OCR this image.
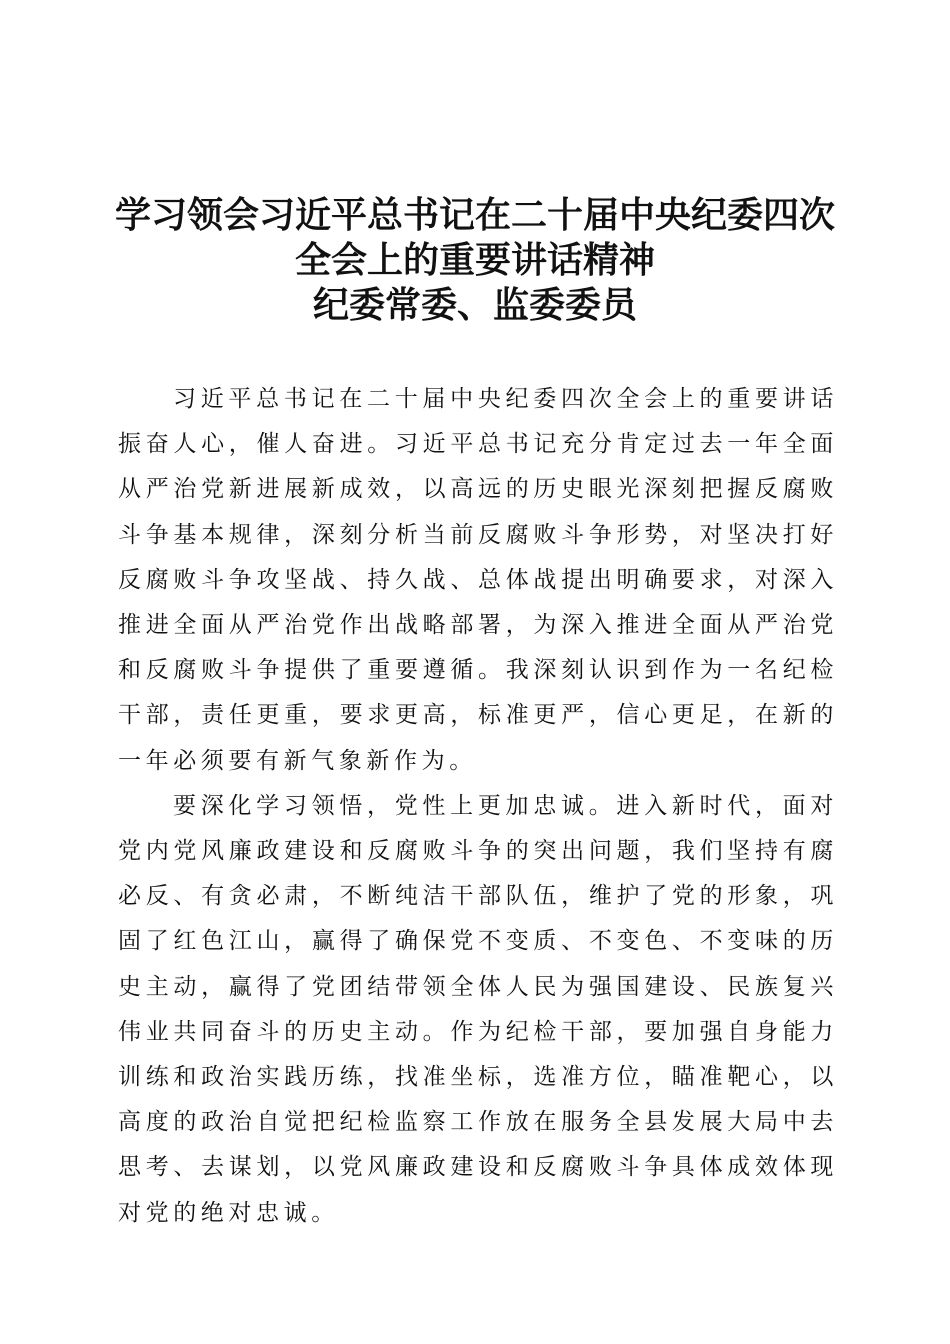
学习领会习近平总书记在二十届中央纪委四次

全会上的重要讲话精神

纪委常委、监委委员

习近平总书记在二十届中央纪委四次全会上的重要讲话振奋人心，催人奋进。习近平总书记充分肯定过去一年全面从严治党新进展新成效，以高远的历史眼光深刻把握反腐败斗争基本规律，深刻分析当前反腐败斗争形势，对坚决打好反腐败斗争攻坚战、持久战、总体战提出明确要求，对深入推进全面从严治党作出战略部署，为深入推进全面从严治党和反腐败斗争提供了重要遵循。我深刻认识到作为一名纪检干部，责任更重，要求更高，标准更严，信心更足，在新的一年必须要有新气象新作为。

要深化学习领悟，党性上更加忠诚。进入新时代，面对党内党风廉政建设和反腐败斗争的突出问题，我们坚持有腐必反、有贪必肃，不断纯洁干部队伍，维护了党的形象，巩固了红色江山，赢得了确保党不变质、不变色、不变味的历史主动，赢得了党团结带领全体人民为强国建设、民族复兴伟业共同奋斗的历史主动。作为纪检干部，要加强自身能力训练和政治实践历练，找准坐标，选准方位，瞄准靶心，以高度的政治自觉把纪检监察工作放在服务全县发展大局中去思考、去谋划，以党风廉政建设和反腐败斗争具体成效体现对党的绝对忠诚。
